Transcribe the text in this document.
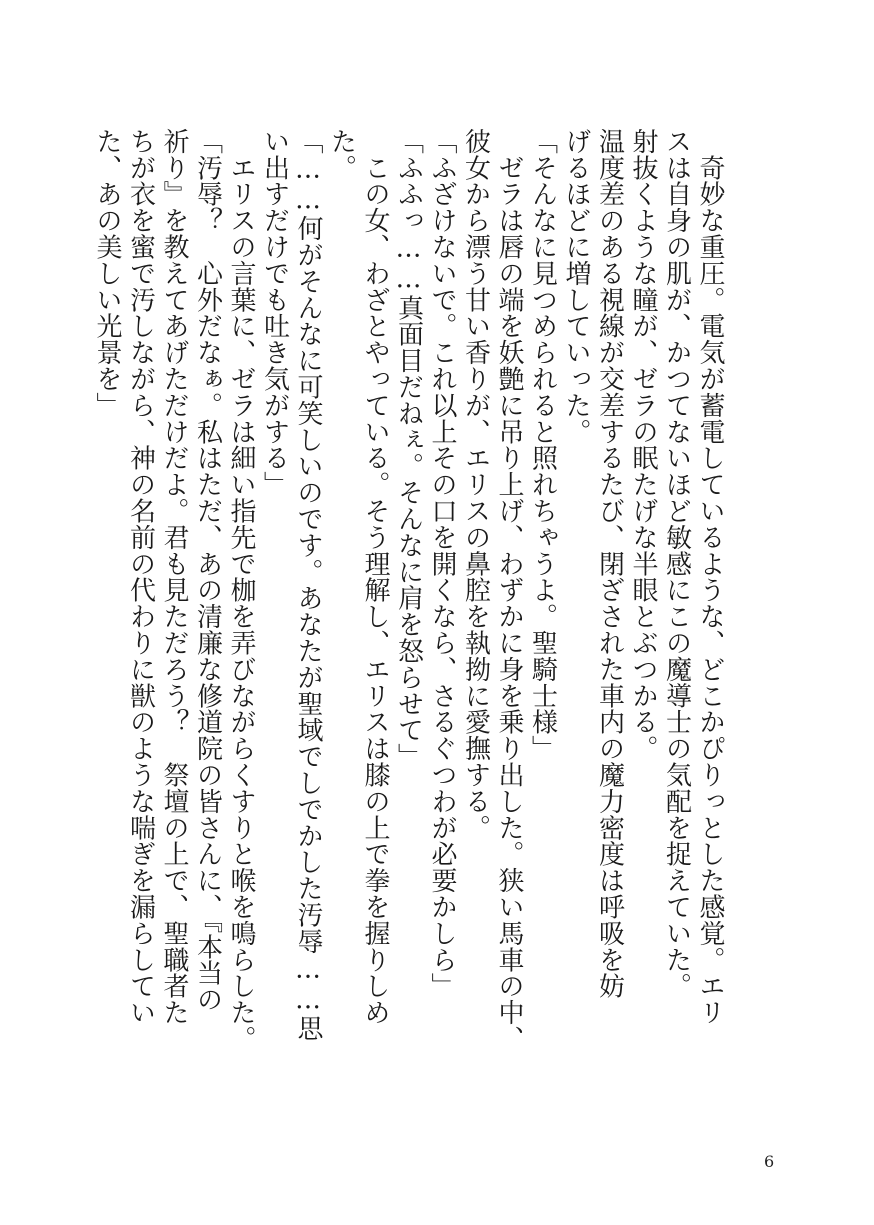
　奇妙な重圧。電気が蓄電しているような、どこかぴりっとした感覚。エリ
スは自身の肌が、かつてないほど敏感にこの魔導士の気配を捉えていた。
射抜くような瞳が、ゼラの眠たげな半眼とぶつかる。
温度差のある視線が交差するたび、閉ざされた車内の魔力密度は呼吸を妨
げるほどに増していった。
「そんなに見つめられると照れちゃうよ。聖騎士様」
　ゼラは唇の端を妖艶に吊り上げ、わずかに身を乗り出した。狭い馬車の中、
彼女から漂う甘い香りが、エリスの鼻腔を執拗に愛撫する。
「ふざけないで。これ以上その口を開くなら、さるぐつわが必要かしら」
「ふふっ……真面目だねぇ。そんなに肩を怒らせて」
　この女、わざとやっている。そう理解し、エリスは膝の上で拳を握りしめ
た。
「……何がそんなに可笑しいのです。あなたが聖域でしでかした汚辱……思
い出すだけでも吐き気がする」
　エリスの言葉に、ゼラは細い指先で枷を弄びながらくすりと喉を鳴らした。
「汚辱？　心外だなぁ。私はただ、あの清廉な修道院の皆さんに、『本当の
祈り』を教えてあげただけだよ。君も見ただろう？　祭壇の上で、聖職者た
ちが衣を蜜で汚しながら、神の名前の代わりに獣のような喘ぎを漏らしてい
た、あの美しい光景を」
6
